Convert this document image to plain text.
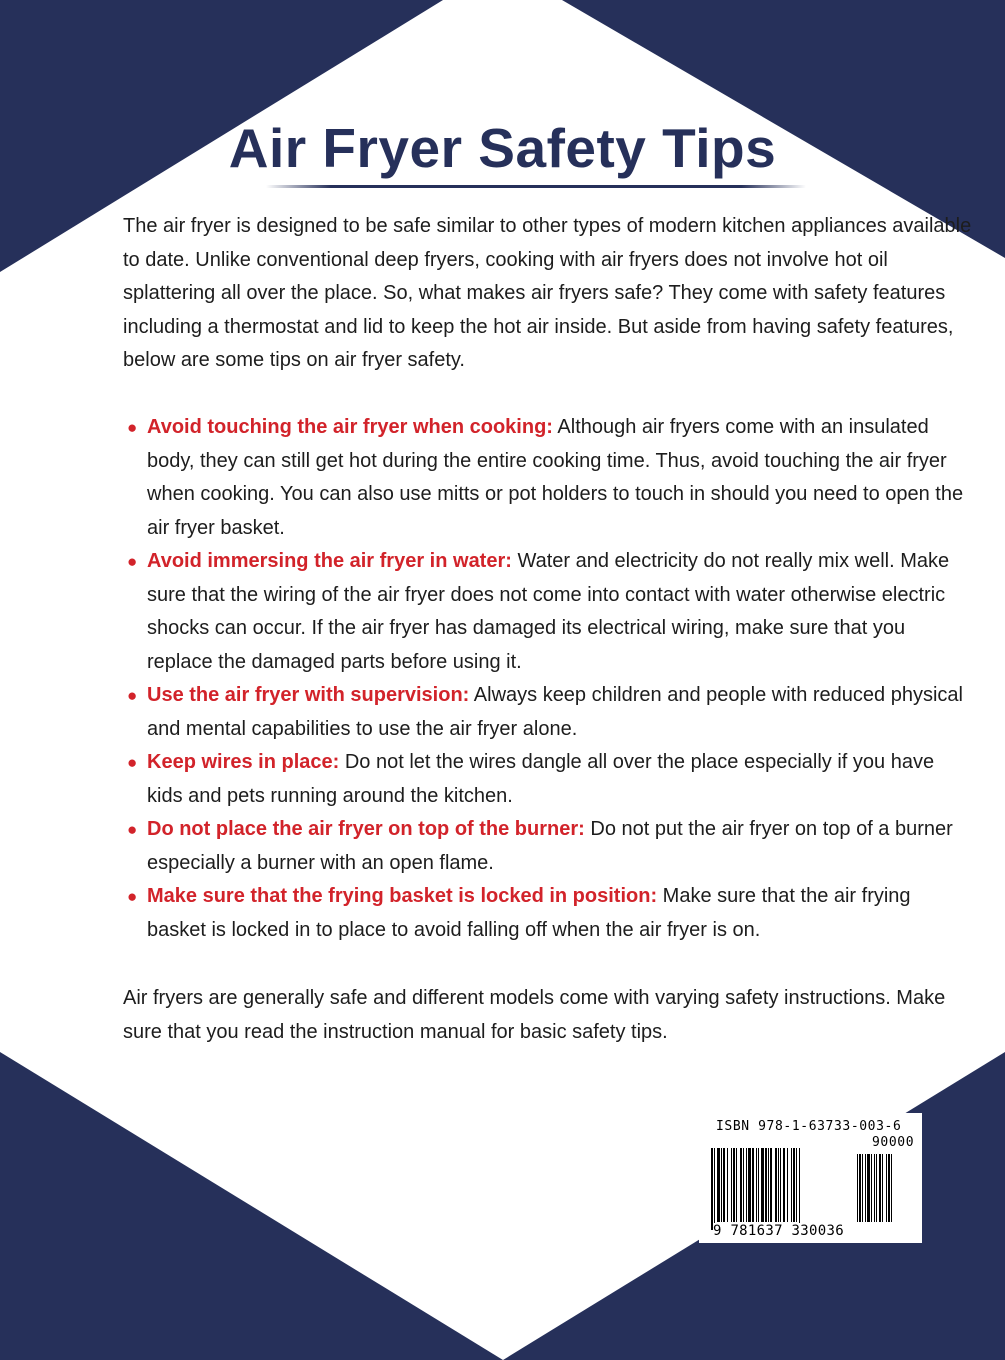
Air Fryer Safety Tips

The air fryer is designed to be safe similar to other types of modern kitchen appliances available to date. Unlike conventional deep fryers, cooking with air fryers does not involve hot oil splattering all over the place. So, what makes air fryers safe? They come with safety features including a thermostat and lid to keep the hot air inside. But aside from having safety features, below are some tips on air fryer safety.

● Avoid touching the air fryer when cooking: Although air fryers come with an insulated body, they can still get hot during the entire cooking time. Thus, avoid touching the air fryer when cooking. You can also use mitts or pot holders to touch in should you need to open the air fryer basket.
● Avoid immersing the air fryer in water: Water and electricity do not really mix well. Make sure that the wiring of the air fryer does not come into contact with water otherwise electric shocks can occur. If the air fryer has damaged its electrical wiring, make sure that you replace the damaged parts before using it.
● Use the air fryer with supervision: Always keep children and people with reduced physical and mental capabilities to use the air fryer alone.
● Keep wires in place: Do not let the wires dangle all over the place especially if you have kids and pets running around the kitchen.
● Do not place the air fryer on top of the burner: Do not put the air fryer on top of a burner especially a burner with an open flame.
● Make sure that the frying basket is locked in position: Make sure that the air frying basket is locked in to place to avoid falling off when the air fryer is on.

Air fryers are generally safe and different models come with varying safety instructions. Make sure that you read the instruction manual for basic safety tips.

ISBN 978-1-63733-003-6
90000
9 781637 330036
